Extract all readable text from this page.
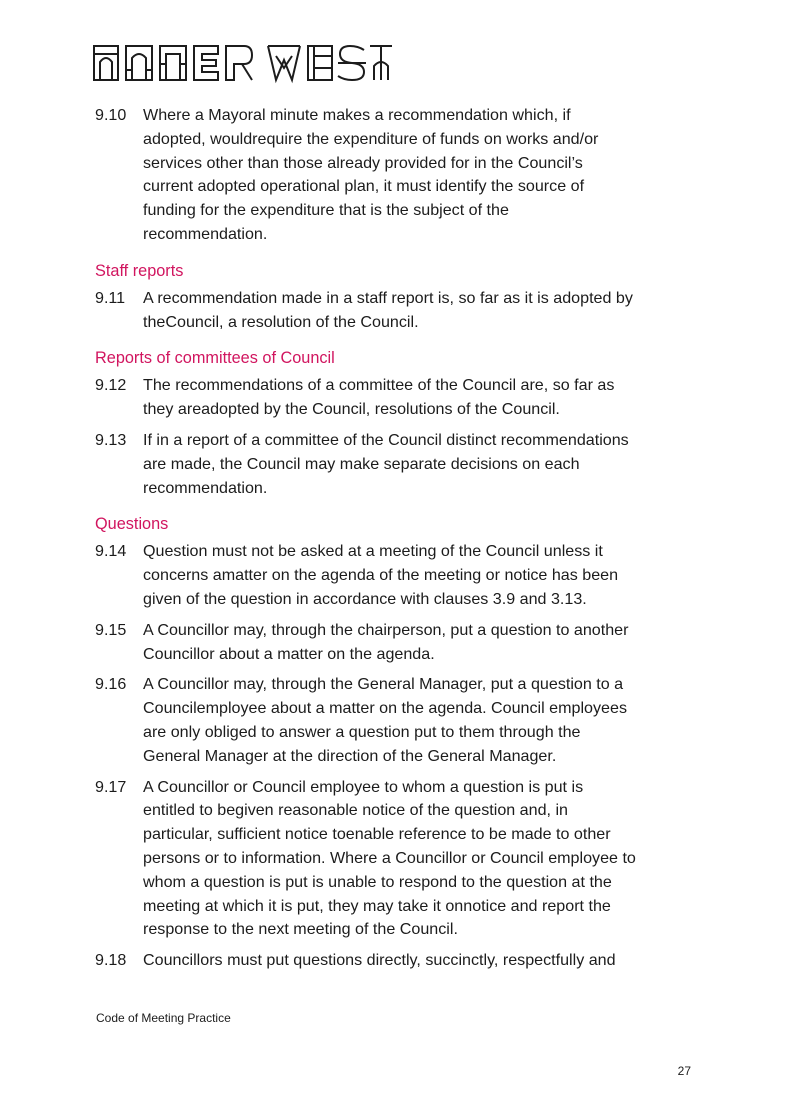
9.10	Where a Mayoral minute makes a recommendation which, if
adopted, wouldrequire the expenditure of funds on works and/or
services other than those already provided for in the Council’s
current adopted operational plan, it must identify the source of
funding for the expenditure that is the subject of the
recommendation.
Staff reports
9.11	A recommendation made in a staff report is, so far as it is adopted by
theCouncil, a resolution of the Council.
Reports of committees of Council
9.12	The recommendations of a committee of the Council are, so far as
they areadopted by the Council, resolutions of the Council.
9.13	If in a report of a committee of the Council distinct recommendations
are made, the Council may make separate decisions on each
recommendation.
Questions
9.14	Question must not be asked at a meeting of the Council unless it
concerns amatter on the agenda of the meeting or notice has been
given of the question in accordance with clauses 3.9 and 3.13.
9.15	A Councillor may, through the chairperson, put a question to another
Councillor about a matter on the agenda.
9.16	A Councillor may, through the General Manager, put a question to a
Councilemployee about a matter on the agenda. Council employees
are only obliged to answer a question put to them through the
General Manager at the direction of the General Manager.
9.17	A Councillor or Council employee to whom a question is put is
entitled to begiven reasonable notice of the question and, in
particular, sufficient notice toenable reference to be made to other
persons or to information. Where a Councillor or Council employee to
whom a question is put is unable to respond to the question at the
meeting at which it is put, they may take it onnotice and report the
response to the next meeting of the Council.
9.18	Councillors must put questions directly, succinctly, respectfully and
Code of Meeting Practice
27
